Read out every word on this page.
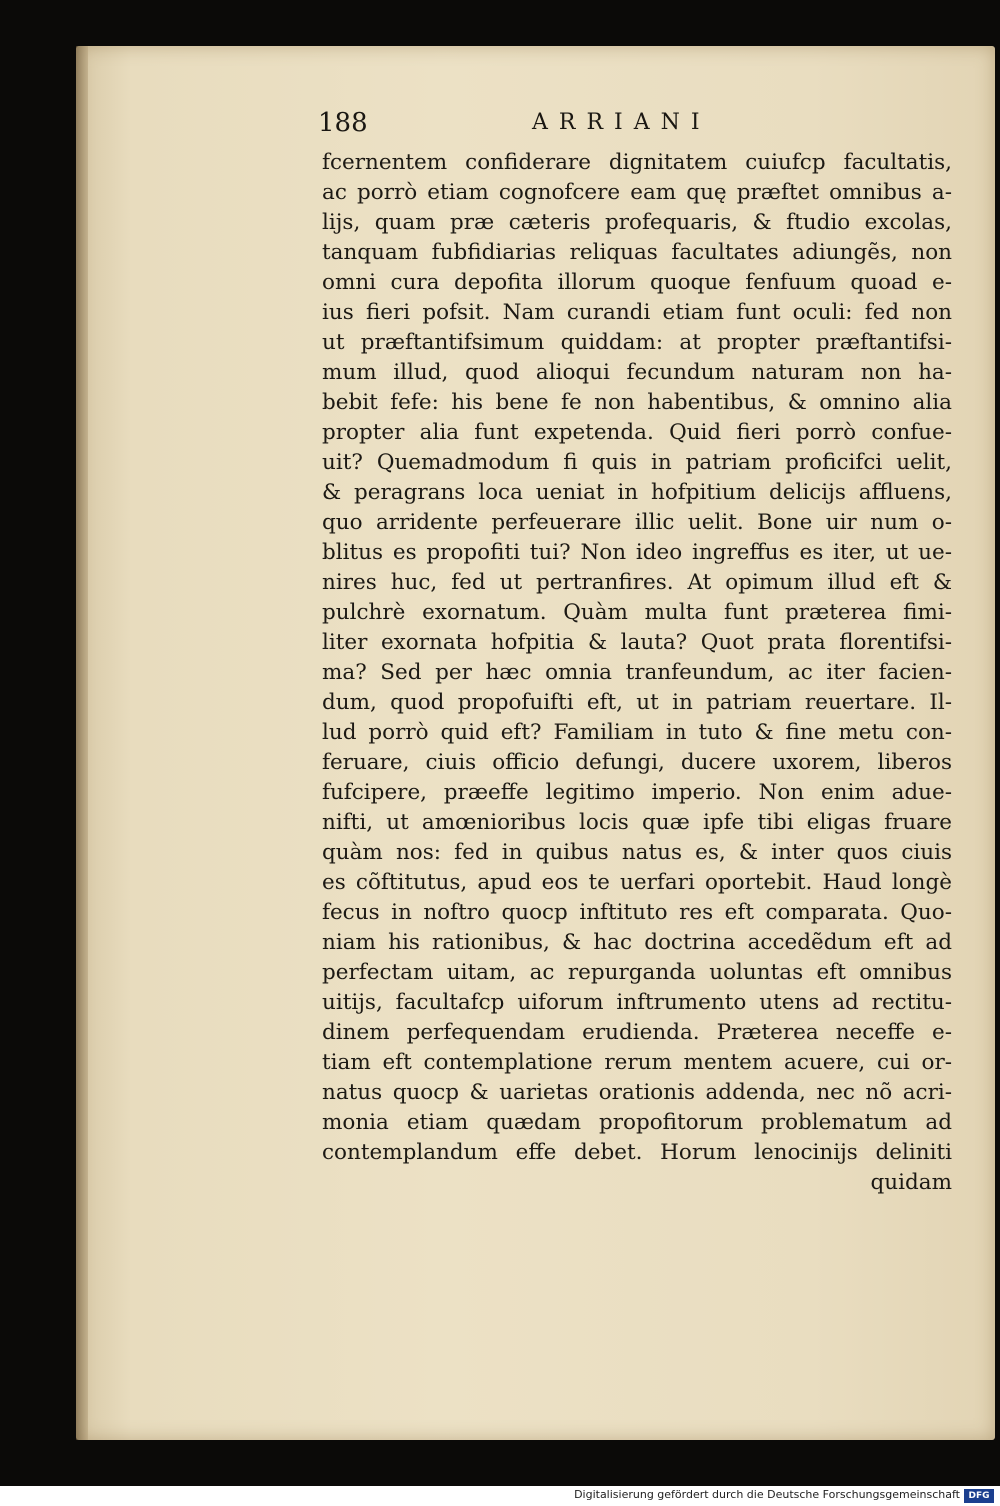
188	ARRIANI
fcernentem confiderare dignitatem cuiufcp facultatis,
ac porrò etiam cognofcere eam quę præftet omnibus a-
lijs, quam præ cæteris profequaris, & ftudio excolas,
tanquam fubfidiarias reliquas facultates adiungẽs, non
omni cura depofita illorum quoque fenfuum quoad e-
ius fieri pofsit. Nam curandi etiam funt oculi: fed non
ut præftantifsimum quiddam: at propter præftantifsi-
mum illud, quod alioqui fecundum naturam non ha-
bebit fefe: his bene fe non habentibus, & omnino alia
propter alia funt expetenda. Quid fieri porrò confue-
uit? Quemadmodum fi quis in patriam proficifci uelit,
& peragrans loca ueniat in hofpitium delicijs affluens,
quo arridente perfeuerare illic uelit. Bone uir num o-
blitus es propofiti tui? Non ideo ingreffus es iter, ut ue-
nires huc, fed ut pertranfires. At opimum illud eft &
pulchrè exornatum. Quàm multa funt præterea fimi-
liter exornata hofpitia & lauta? Quot prata florentifsi-
ma? Sed per hæc omnia tranfeundum, ac iter facien-
dum, quod propofuifti eft, ut in patriam reuertare. Il-
lud porrò quid eft? Familiam in tuto & fine metu con-
feruare, ciuis officio defungi, ducere uxorem, liberos
fufcipere, præeffe legitimo imperio. Non enim adue-
nifti, ut amœnioribus locis quæ ipfe tibi eligas fruare
quàm nos: fed in quibus natus es, & inter quos ciuis
es cõftitutus, apud eos te uerfari oportebit. Haud longè
fecus in noftro quocp inftituto res eft comparata. Quo-
niam his rationibus, & hac doctrina accedẽdum eft ad
perfectam uitam, ac repurganda uoluntas eft omnibus
uitijs, facultafcp uiforum inftrumento utens ad rectitu-
dinem perfequendam erudienda. Præterea neceffe e-
tiam eft contemplatione rerum mentem acuere, cui or-
natus quocp & uarietas orationis addenda, nec nõ acri-
monia etiam quædam propofitorum problematum ad
contemplandum effe debet. Horum lenocinijs deliniti
quidam
Digitalisierung gefördert durch die Deutsche Forschungsgemeinschaft DFG
